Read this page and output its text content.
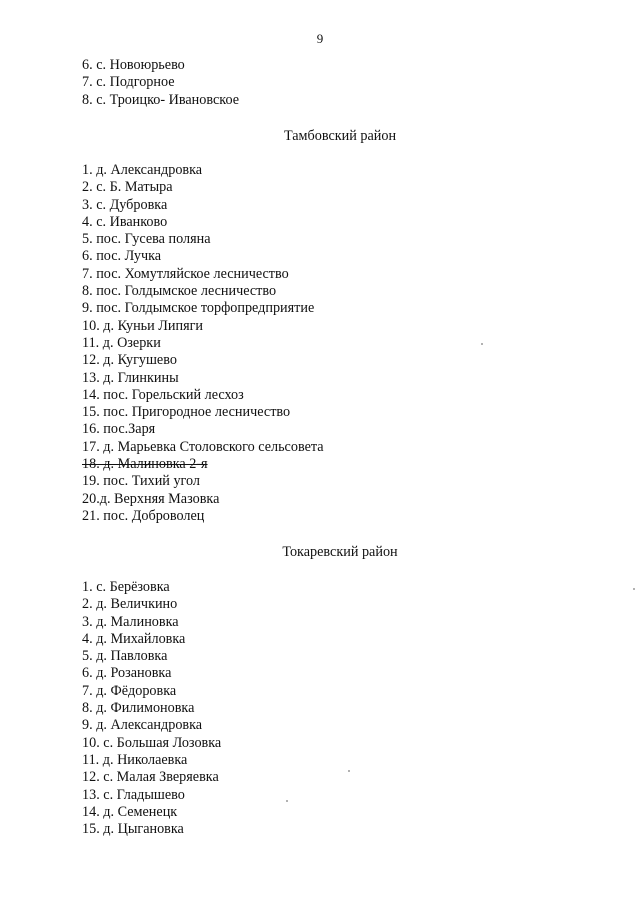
9
6. с. Новоюрьево
7. с. Подгорное
8. с. Троицко- Ивановское
Тамбовский район
1. д. Александровка
2. с. Б. Матыра
3. с. Дубровка
4. с. Иванково
5. пос. Гусева поляна
6. пос. Лучка
7. пос. Хомутляйское лесничество
8. пос. Голдымское лесничество
9. пос. Голдымское торфопредприятие
10. д. Куньи Липяги
11. д. Озерки
12. д. Кугушево
13. д. Глинкины
14. пос. Горельский лесхоз
15. пос. Пригородное лесничество
16. пос.Заря
17. д. Марьевка Столовского сельсовета
18. д. Малиновка 2-я
19. пос. Тихий угол
20.д. Верхняя Мазовка
21. пос. Доброволец
Токаревский район
1. с. Берёзовка
2. д. Величкино
3. д. Малиновка
4. д. Михайловка
5. д. Павловка
6. д. Розановка
7. д. Фёдоровка
8. д. Филимоновка
9. д. Александровка
10. с. Большая Лозовка
11. д. Николаевка
12. с. Малая Зверяевка
13. с. Гладышево
14. д. Семенецк
15. д. Цыгановка
